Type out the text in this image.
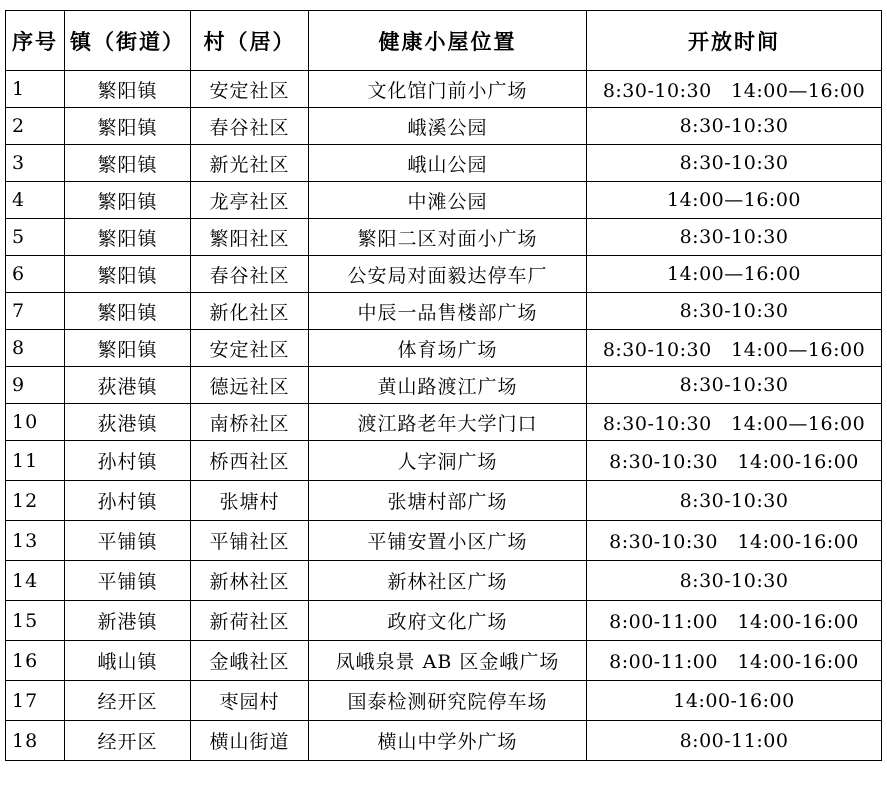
序号	镇（街道）	村（居）	健康小屋位置	开放时间
1	繁阳镇	安定社区	文化馆门前小广场	8:30-10:30　14:00—16:00
2	繁阳镇	春谷社区	峨溪公园	8:30-10:30
3	繁阳镇	新光社区	峨山公园	8:30-10:30
4	繁阳镇	龙亭社区	中滩公园	14:00—16:00
5	繁阳镇	繁阳社区	繁阳二区对面小广场	8:30-10:30
6	繁阳镇	春谷社区	公安局对面毅达停车厂	14:00—16:00
7	繁阳镇	新化社区	中辰一品售楼部广场	8:30-10:30
8	繁阳镇	安定社区	体育场广场	8:30-10:30　14:00—16:00
9	荻港镇	德远社区	黄山路渡江广场	8:30-10:30
10	荻港镇	南桥社区	渡江路老年大学门口	8:30-10:30　14:00—16:00
11	孙村镇	桥西社区	人字洞广场	8:30-10:30　14:00-16:00
12	孙村镇	张塘村	张塘村部广场	8:30-10:30
13	平铺镇	平铺社区	平铺安置小区广场	8:30-10:30　14:00-16:00
14	平铺镇	新林社区	新林社区广场	8:30-10:30
15	新港镇	新荷社区	政府文化广场	8:00-11:00　14:00-16:00
16	峨山镇	金峨社区	凤峨泉景 AB 区金峨广场	8:00-11:00　14:00-16:00
17	经开区	枣园村	国泰检测研究院停车场	14:00-16:00
18	经开区	横山街道	横山中学外广场	8:00-11:00
